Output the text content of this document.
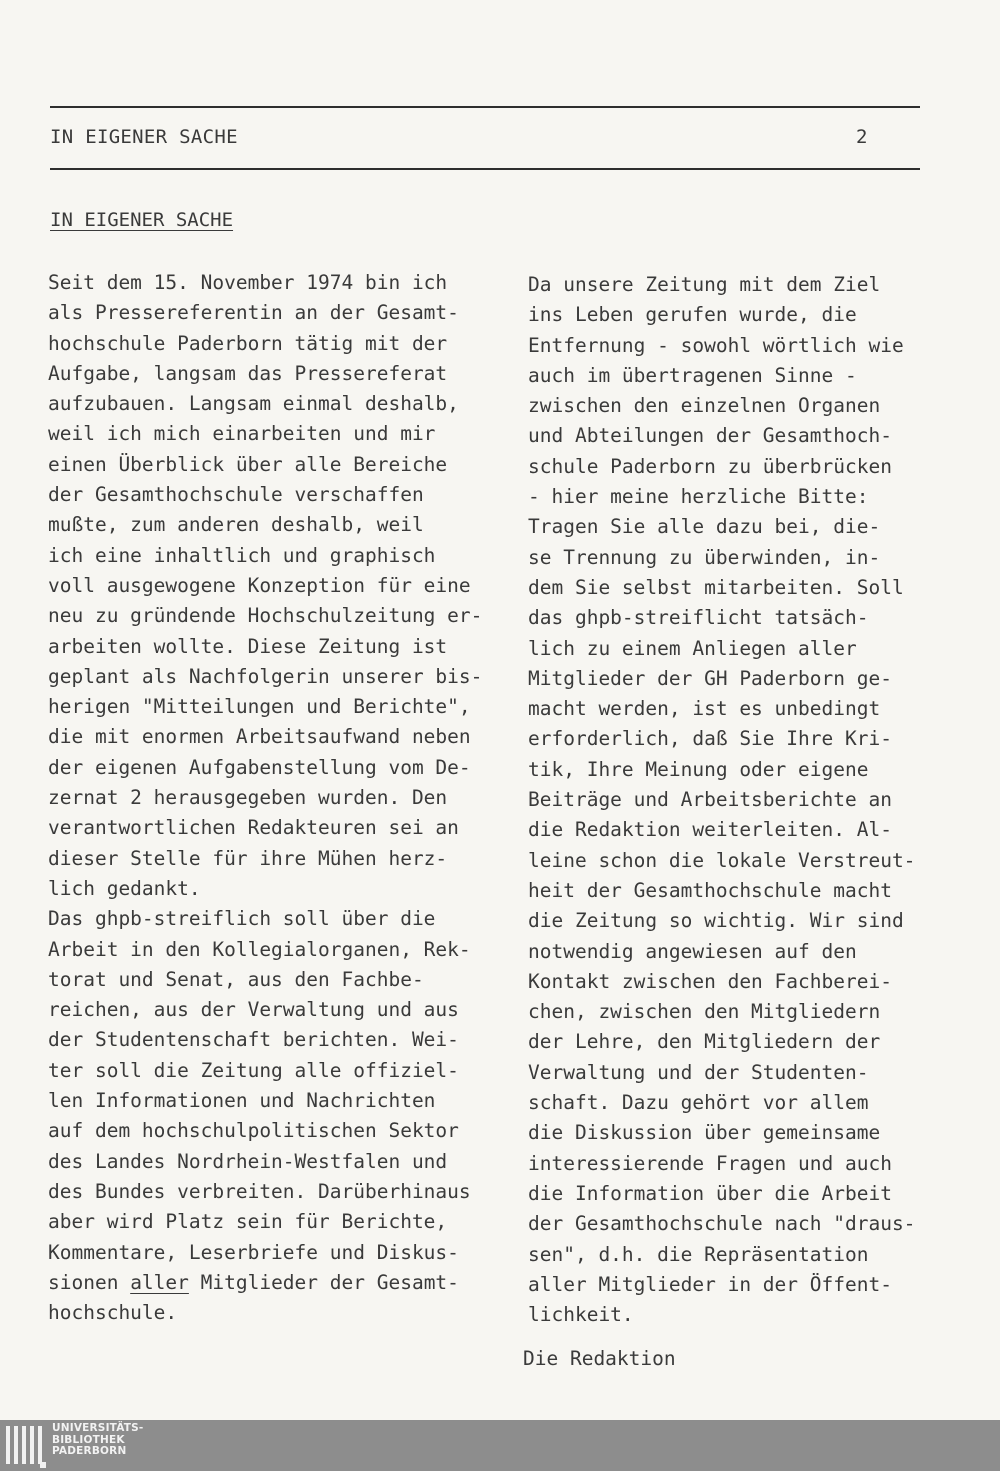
IN EIGENER SACHE	2
IN EIGENER SACHE
Seit dem 15. November 1974 bin ich
als Pressereferentin an der Gesamt-
hochschule Paderborn tätig mit der
Aufgabe, langsam das Pressereferat
aufzubauen. Langsam einmal deshalb,
weil ich mich einarbeiten und mir
einen Überblick über alle Bereiche
der Gesamthochschule verschaffen
mußte, zum anderen deshalb, weil
ich eine inhaltlich und graphisch
voll ausgewogene Konzeption für eine
neu zu gründende Hochschulzeitung er-
arbeiten wollte. Diese Zeitung ist
geplant als Nachfolgerin unserer bis-
herigen "Mitteilungen und Berichte",
die mit enormen Arbeitsaufwand neben
der eigenen Aufgabenstellung vom De-
zernat 2 herausgegeben wurden. Den
verantwortlichen Redakteuren sei an
dieser Stelle für ihre Mühen herz-
lich gedankt.
Das ghpb-streiflich soll über die
Arbeit in den Kollegialorganen, Rek-
torat und Senat, aus den Fachbe-
reichen, aus der Verwaltung und aus
der Studentenschaft berichten. Wei-
ter soll die Zeitung alle offiziel-
len Informationen und Nachrichten
auf dem hochschulpolitischen Sektor
des Landes Nordrhein-Westfalen und
des Bundes verbreiten. Darüberhinaus
aber wird Platz sein für Berichte,
Kommentare, Leserbriefe und Diskus-
sionen aller Mitglieder der Gesamt-
hochschule.
Da unsere Zeitung mit dem Ziel
ins Leben gerufen wurde, die
Entfernung - sowohl wörtlich wie
auch im übertragenen Sinne -
zwischen den einzelnen Organen
und Abteilungen der Gesamthoch-
schule Paderborn zu überbrücken
- hier meine herzliche Bitte:
Tragen Sie alle dazu bei, die-
se Trennung zu überwinden, in-
dem Sie selbst mitarbeiten. Soll
das ghpb-streiflicht tatsäch-
lich zu einem Anliegen aller
Mitglieder der GH Paderborn ge-
macht werden, ist es unbedingt
erforderlich, daß Sie Ihre Kri-
tik, Ihre Meinung oder eigene
Beiträge und Arbeitsberichte an
die Redaktion weiterleiten. Al-
leine schon die lokale Verstreut-
heit der Gesamthochschule macht
die Zeitung so wichtig. Wir sind
notwendig angewiesen auf den
Kontakt zwischen den Fachberei-
chen, zwischen den Mitgliedern
der Lehre, den Mitgliedern der
Verwaltung und der Studenten-
schaft. Dazu gehört vor allem
die Diskussion über gemeinsame
interessierende Fragen und auch
die Information über die Arbeit
der Gesamthochschule nach "draus-
sen", d.h. die Repräsentation
aller Mitglieder in der Öffent-
lichkeit.
Die Redaktion
UNIVERSITÄTS-
BIBLIOTHEK
PADERBORN
